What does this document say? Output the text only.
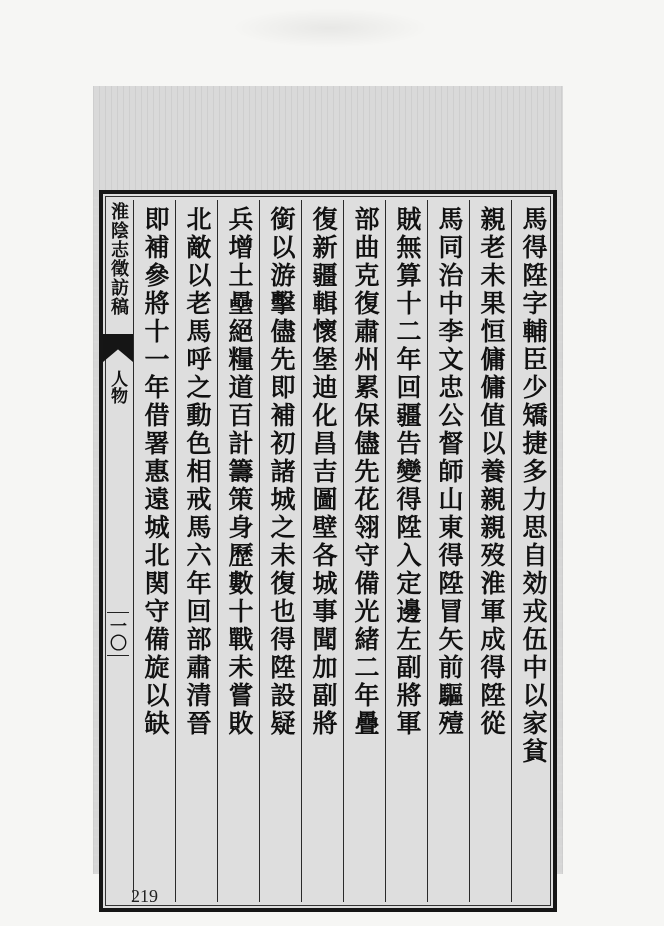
淮陰志徵訪稿
人物
一〇	馬得陞字輔臣少矯捷多力思自効戎伍中以家貧
親老未果恒傭傭值以養親親歿淮軍成得陞從
馬同治中李文忠公督師山東得陞冒矢前驅殪
賊無算十二年回疆告變得陞入定邊左副將軍
部曲克復肅州累保儘先花翎守備光緒二年疊
復新疆輯懷堡迪化昌吉圖壁各城事聞加副將
銜以游擊儘先即補初諸城之未復也得陞設疑
兵增土壘絕糧道百計籌策身歷數十戰未嘗敗
北敵以老馬呼之動色相戒馬六年回部肅清晉
即補參將十一年借署惠遠城北関守備旋以缺
219
